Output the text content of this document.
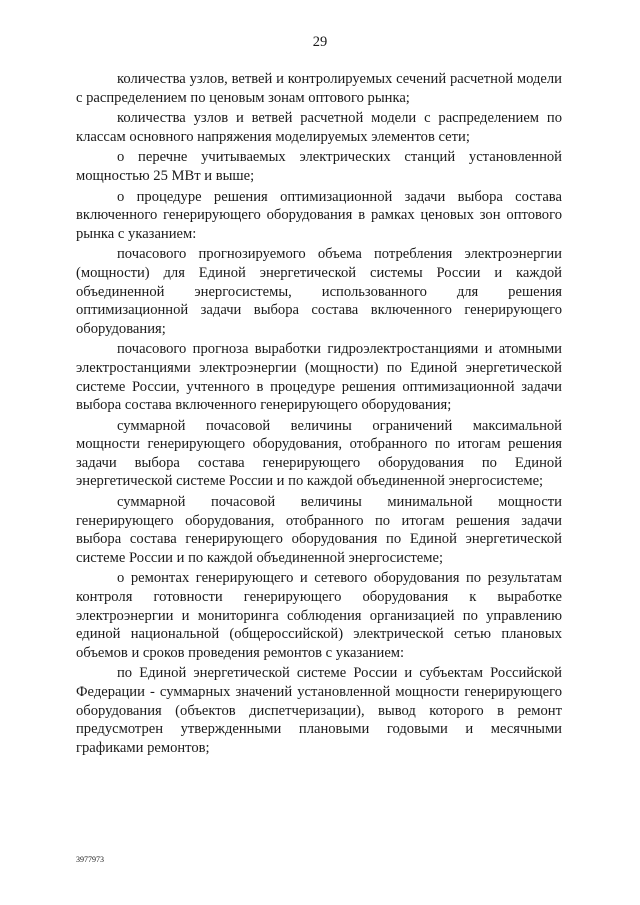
29

количества узлов, ветвей и контролируемых сечений расчетной модели с распределением по ценовым зонам оптового рынка;

количества узлов и ветвей расчетной модели с распределением по классам основного напряжения моделируемых элементов сети;

о перечне учитываемых электрических станций установленной мощностью 25 МВт и выше;

о процедуре решения оптимизационной задачи выбора состава включенного генерирующего оборудования в рамках ценовых зон оптового рынка с указанием:

почасового прогнозируемого объема потребления электроэнергии (мощности) для Единой энергетической системы России и каждой объединенной энергосистемы, использованного для решения оптимизационной задачи выбора состава включенного генерирующего оборудования;

почасового прогноза выработки гидроэлектростанциями и атомными электростанциями электроэнергии (мощности) по Единой энергетической системе России, учтенного в процедуре решения оптимизационной задачи выбора состава включенного генерирующего оборудования;

суммарной почасовой величины ограничений максимальной мощности генерирующего оборудования, отобранного по итогам решения задачи выбора состава генерирующего оборудования по Единой энергетической системе России и по каждой объединенной энергосистеме;

суммарной почасовой величины минимальной мощности генерирующего оборудования, отобранного по итогам решения задачи выбора состава генерирующего оборудования по Единой энергетической системе России и по каждой объединенной энергосистеме;

о ремонтах генерирующего и сетевого оборудования по результатам контроля готовности генерирующего оборудования к выработке электроэнергии и мониторинга соблюдения организацией по управлению единой национальной (общероссийской) электрической сетью плановых объемов и сроков проведения ремонтов с указанием:

по Единой энергетической системе России и субъектам Российской Федерации - суммарных значений установленной мощности генерирующего оборудования (объектов диспетчеризации), вывод которого в ремонт предусмотрен утвержденными плановыми годовыми и месячными графиками ремонтов;

3977973
